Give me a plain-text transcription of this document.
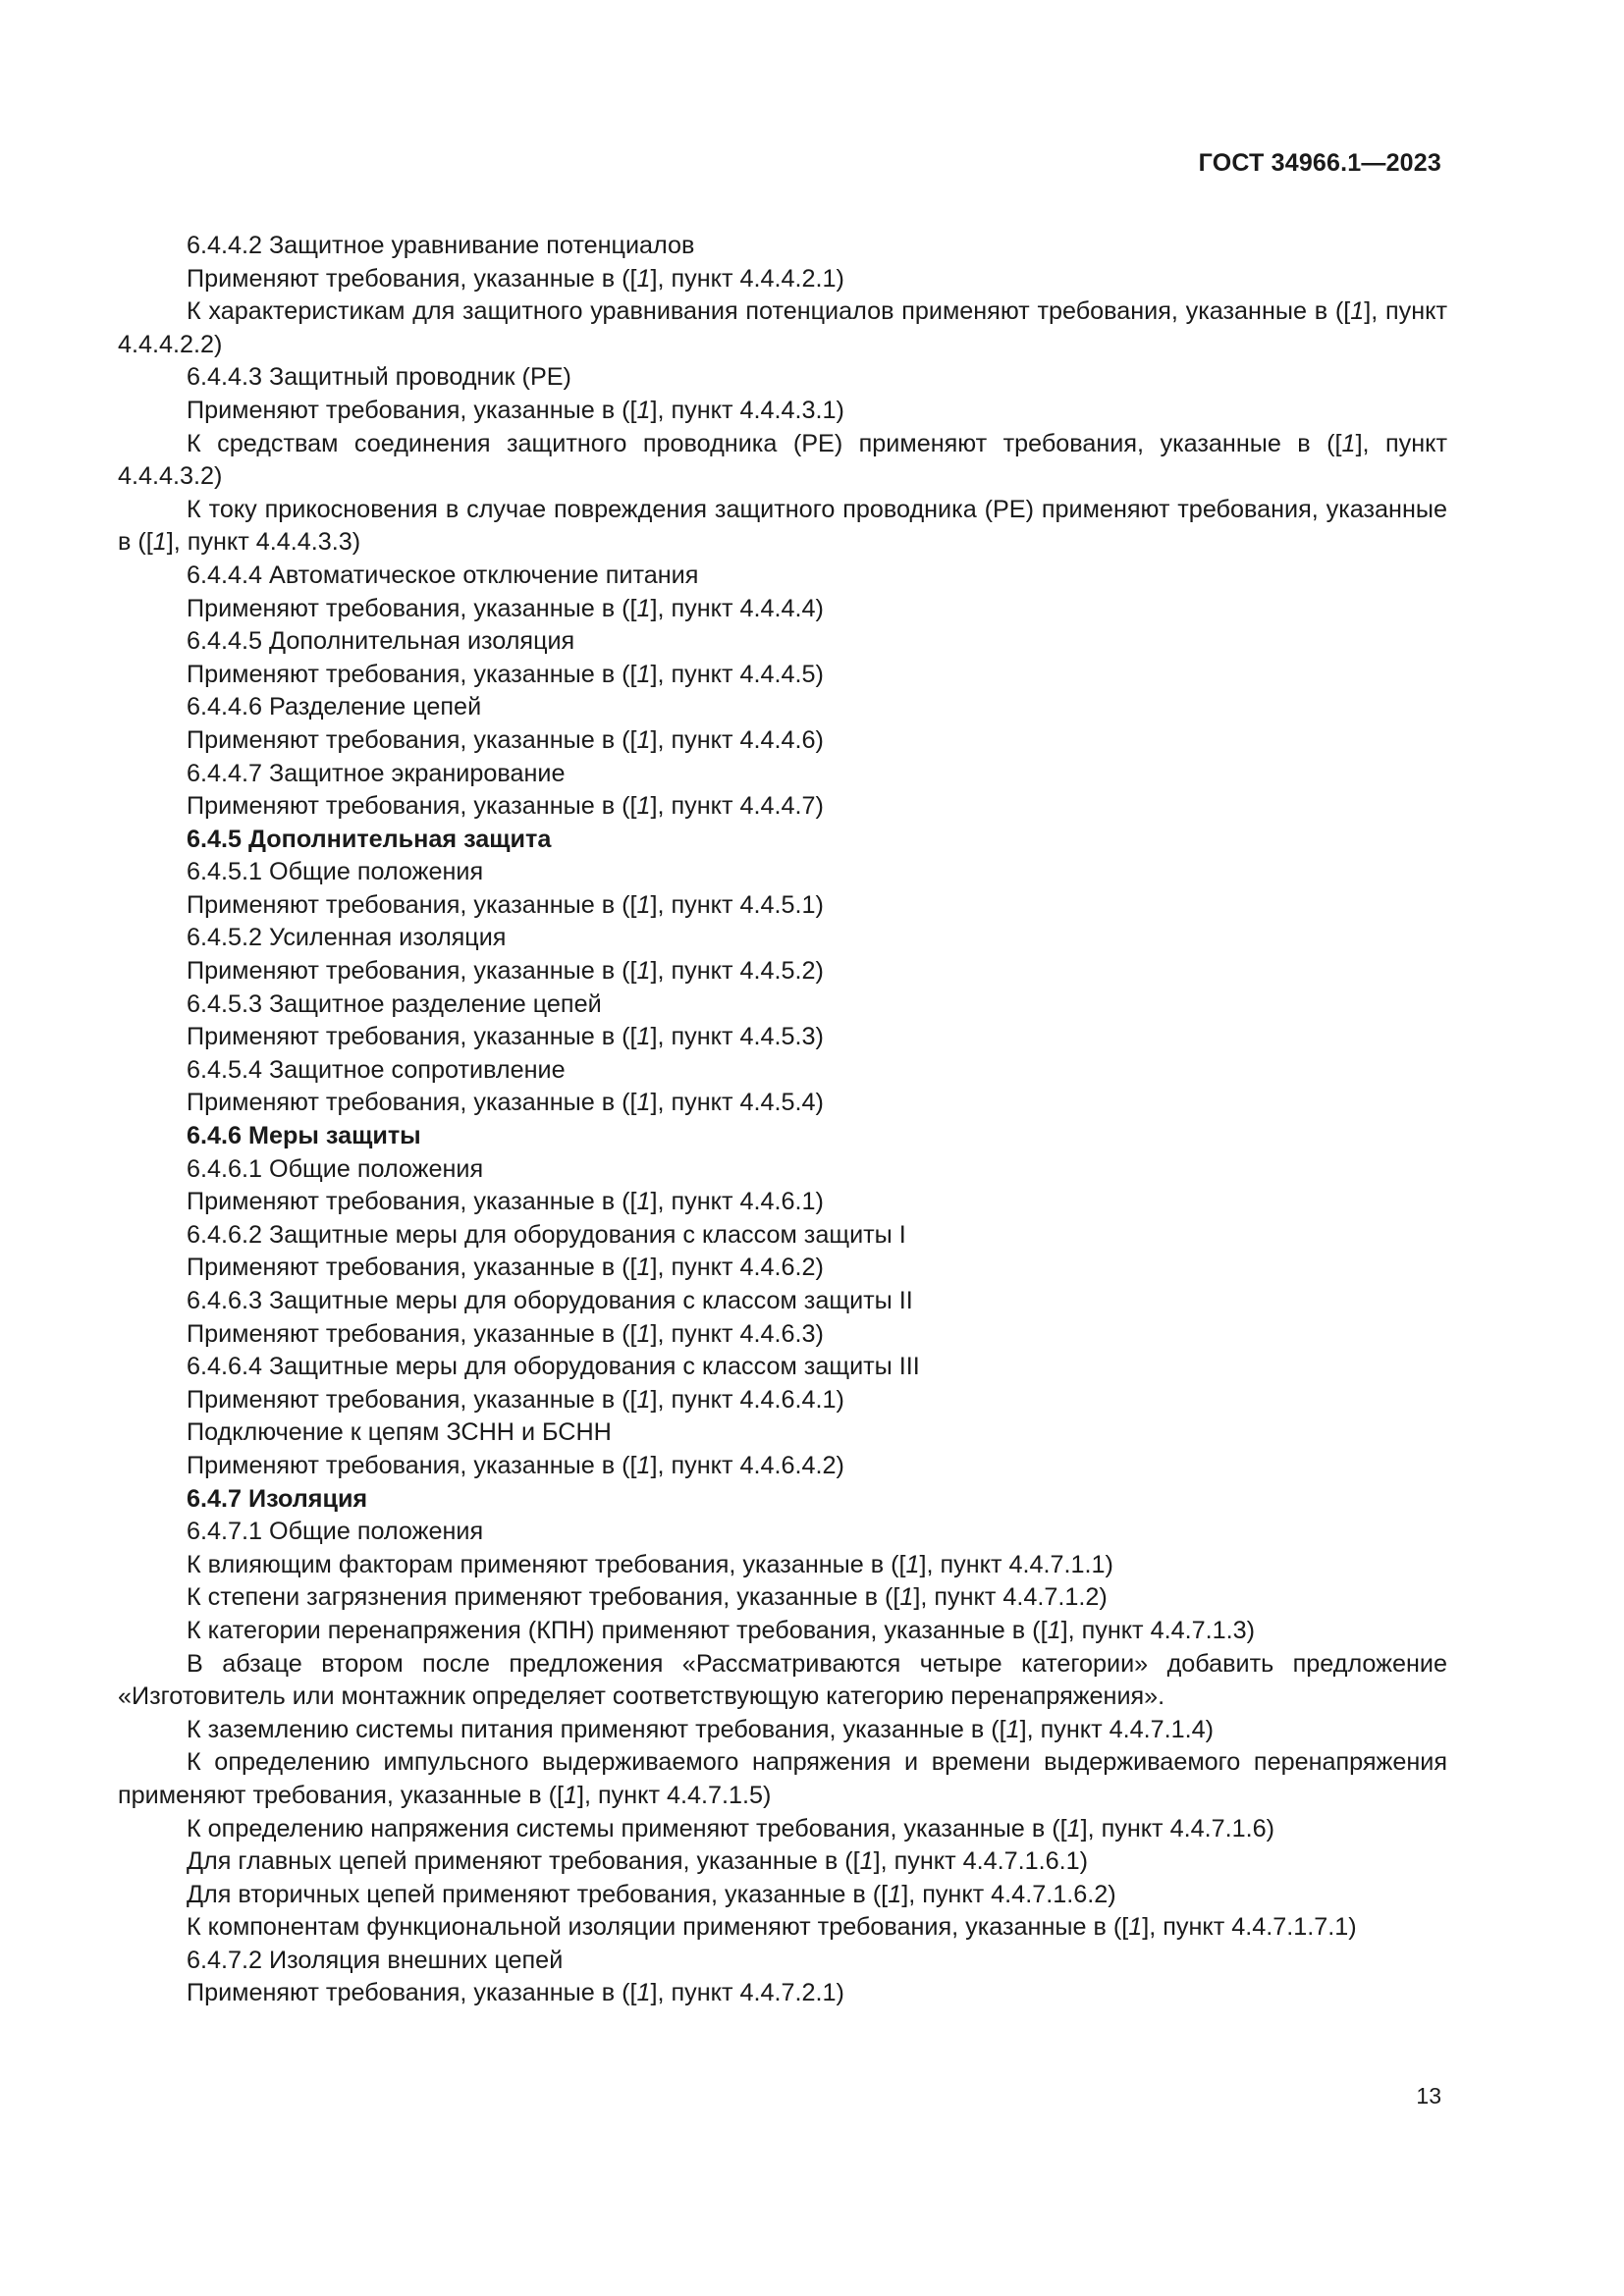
ГОСТ 34966.1—2023

6.4.4.2 Защитное уравнивание потенциалов

Применяют требования, указанные в ([1], пункт 4.4.4.2.1)

К характеристикам для защитного уравнивания потенциалов применяют требования, указанные в ([1], пункт 4.4.4.2.2)

6.4.4.3 Защитный проводник (PE)

Применяют требования, указанные в ([1], пункт 4.4.4.3.1)

К средствам соединения защитного проводника (PE) применяют требования, указанные в ([1], пункт 4.4.4.3.2)

К току прикосновения в случае повреждения защитного проводника (PE) применяют требования, указанные в ([1], пункт 4.4.4.3.3)

6.4.4.4 Автоматическое отключение питания

Применяют требования, указанные в ([1], пункт 4.4.4.4)

6.4.4.5 Дополнительная изоляция

Применяют требования, указанные в ([1], пункт 4.4.4.5)

6.4.4.6 Разделение цепей

Применяют требования, указанные в ([1], пункт 4.4.4.6)

6.4.4.7 Защитное экранирование

Применяют требования, указанные в ([1], пункт 4.4.4.7)

6.4.5 Дополнительная защита

6.4.5.1 Общие положения

Применяют требования, указанные в ([1], пункт 4.4.5.1)

6.4.5.2 Усиленная изоляция

Применяют требования, указанные в ([1], пункт 4.4.5.2)

6.4.5.3 Защитное разделение цепей

Применяют требования, указанные в ([1], пункт 4.4.5.3)

6.4.5.4 Защитное сопротивление

Применяют требования, указанные в ([1], пункт 4.4.5.4)

6.4.6 Меры защиты

6.4.6.1 Общие положения

Применяют требования, указанные в ([1], пункт 4.4.6.1)

6.4.6.2 Защитные меры для оборудования с классом защиты I

Применяют требования, указанные в ([1], пункт 4.4.6.2)

6.4.6.3 Защитные меры для оборудования с классом защиты II

Применяют требования, указанные в ([1], пункт 4.4.6.3)

6.4.6.4 Защитные меры для оборудования с классом защиты III

Применяют требования, указанные в ([1], пункт 4.4.6.4.1)

Подключение к цепям ЗСНН и БСНН

Применяют требования, указанные в ([1], пункт 4.4.6.4.2)

6.4.7 Изоляция

6.4.7.1 Общие положения

К влияющим факторам применяют требования, указанные в ([1], пункт 4.4.7.1.1)

К степени загрязнения применяют требования, указанные в ([1], пункт 4.4.7.1.2)

К категории перенапряжения (КПН) применяют требования, указанные в ([1], пункт 4.4.7.1.3)

В абзаце втором после предложения «Рассматриваются четыре категории» добавить предложение «Изготовитель или монтажник определяет соответствующую категорию перенапряжения».

К заземлению системы питания применяют требования, указанные в ([1], пункт 4.4.7.1.4)

К определению импульсного выдерживаемого напряжения и времени выдерживаемого перенапряжения применяют требования, указанные в ([1], пункт 4.4.7.1.5)

К определению напряжения системы применяют требования, указанные в ([1], пункт 4.4.7.1.6)

Для главных цепей применяют требования, указанные в ([1], пункт 4.4.7.1.6.1)

Для вторичных цепей применяют требования, указанные в ([1], пункт 4.4.7.1.6.2)

К компонентам функциональной изоляции применяют требования, указанные в ([1], пункт 4.4.7.1.7.1)

6.4.7.2 Изоляция внешних цепей

Применяют требования, указанные в ([1], пункт 4.4.7.2.1)

13
